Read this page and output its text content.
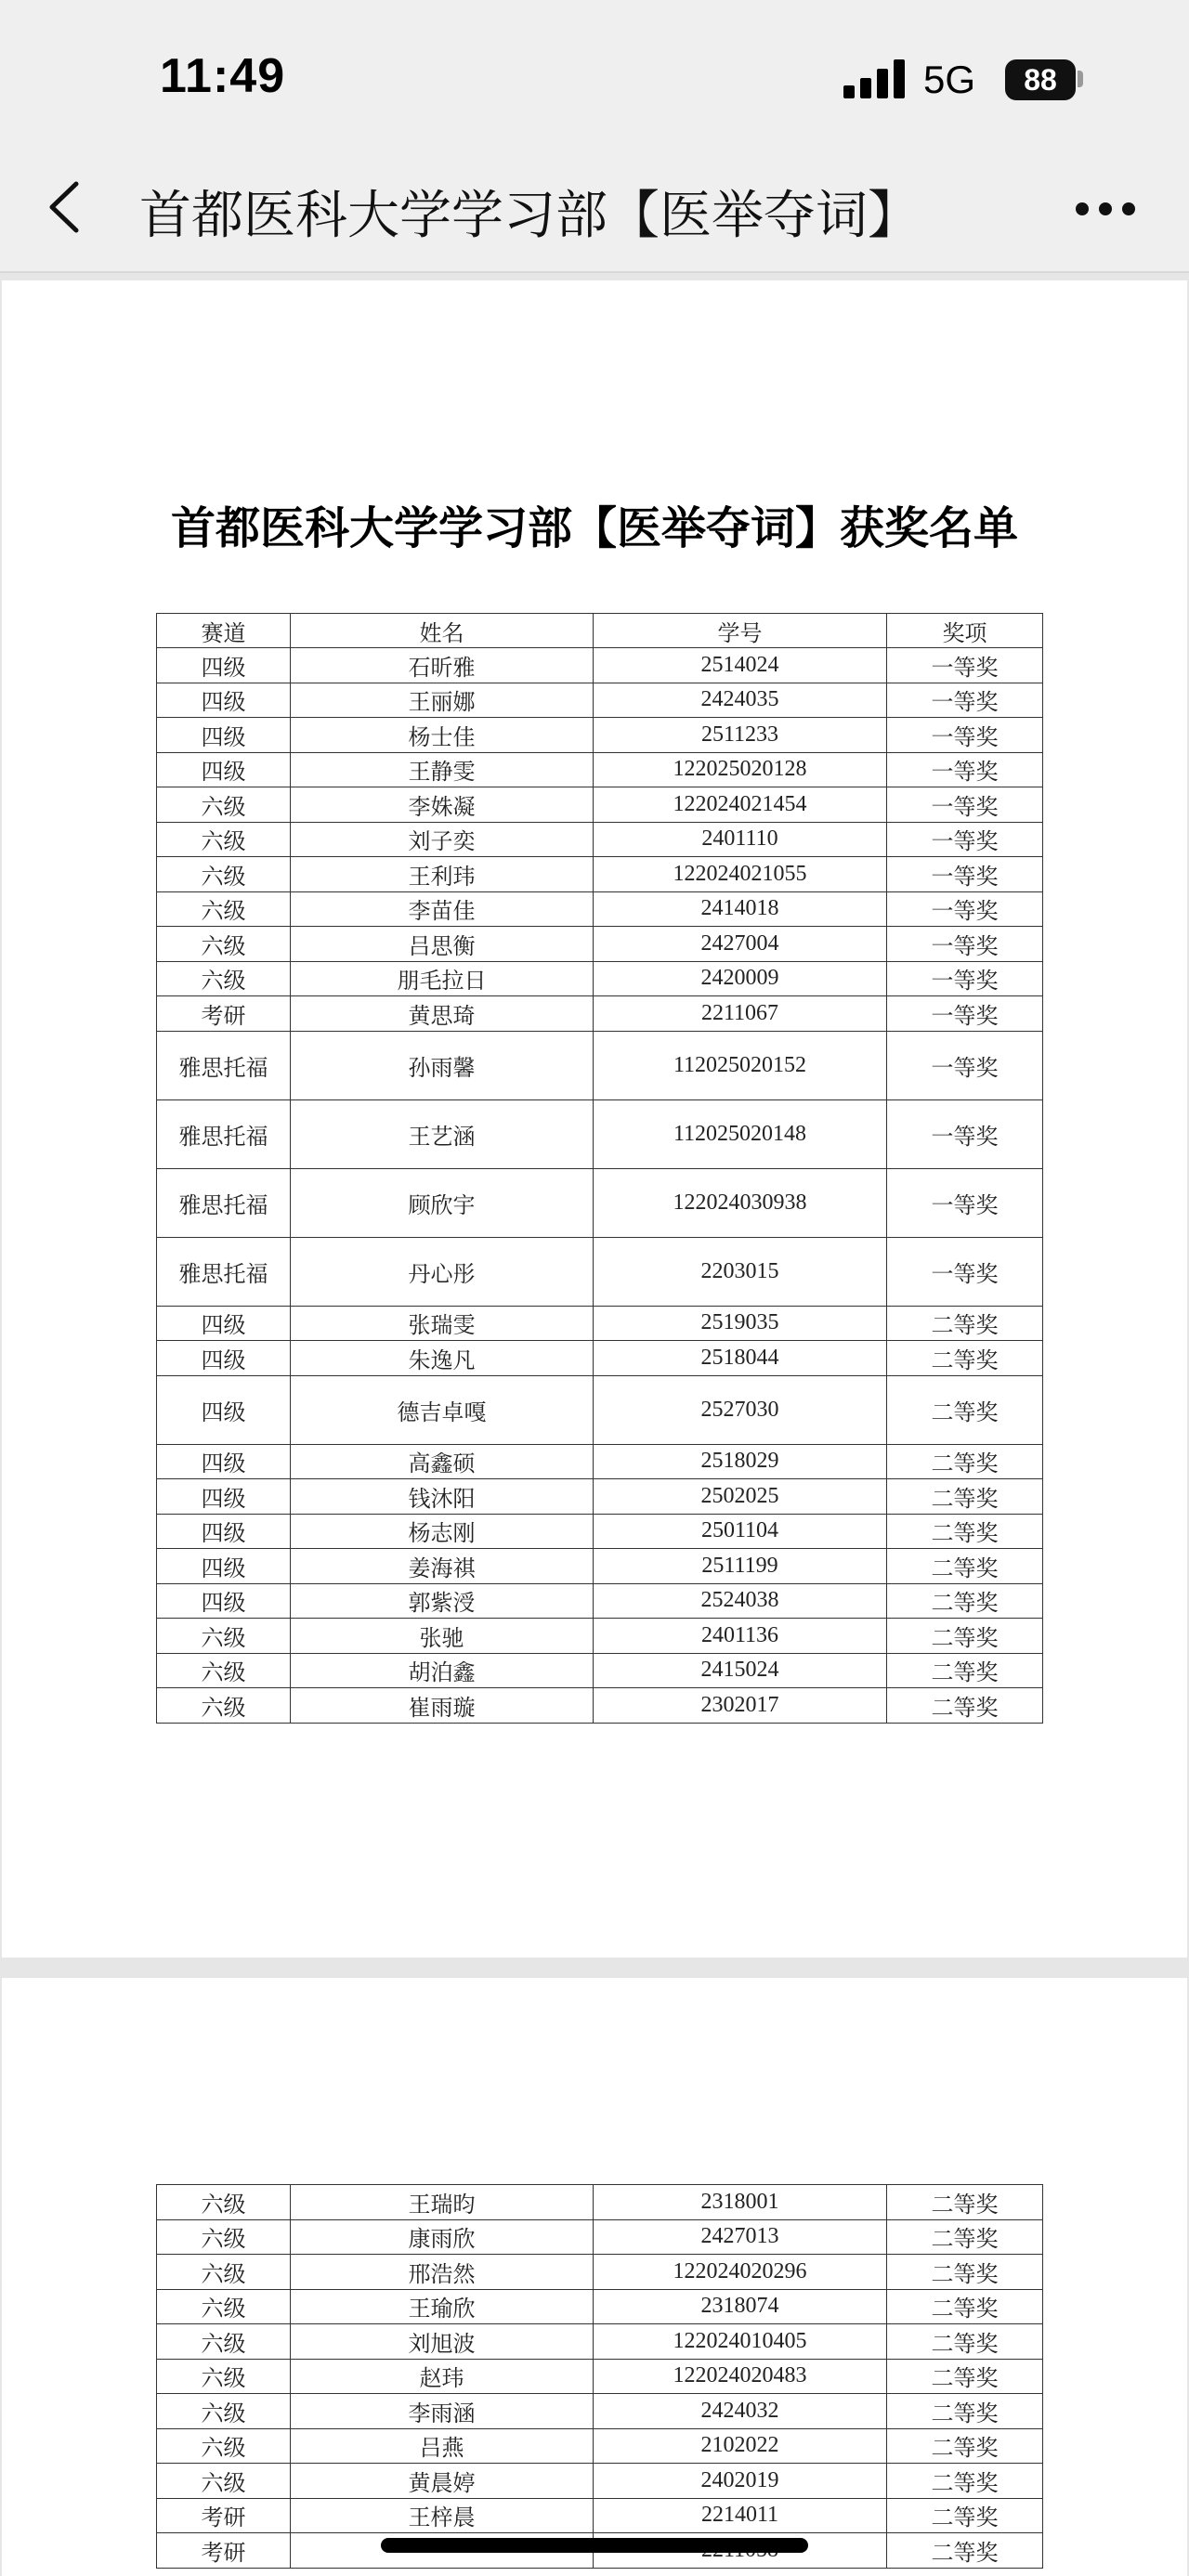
11:49	5G	88
首都医科大学学习部【医举夺词】
首都医科大学学习部【医举夺词】获奖名单
赛道	姓名	学号	奖项
四级	石昕雅	2514024	一等奖
四级	王丽娜	2424035	一等奖
四级	杨士佳	2511233	一等奖
四级	王静雯	122025020128	一等奖
六级	李姝凝	122024021454	一等奖
六级	刘子奕	2401110	一等奖
六级	王利玮	122024021055	一等奖
六级	李苗佳	2414018	一等奖
六级	吕思衡	2427004	一等奖
六级	朋毛拉日	2420009	一等奖
考研	黄思琦	2211067	一等奖
雅思托福	孙雨馨	112025020152	一等奖
雅思托福	王艺涵	112025020148	一等奖
雅思托福	顾欣宇	122024030938	一等奖
雅思托福	丹心彤	2203015	一等奖
四级	张瑞雯	2519035	二等奖
四级	朱逸凡	2518044	二等奖
四级	德吉卓嘎	2527030	二等奖
四级	高鑫硕	2518029	二等奖
四级	钱沐阳	2502025	二等奖
四级	杨志刚	2501104	二等奖
四级	姜海祺	2511199	二等奖
四级	郭紫涭	2524038	二等奖
六级	张驰	2401136	二等奖
六级	胡泊鑫	2415024	二等奖
六级	崔雨璇	2302017	二等奖
六级	王瑞昀	2318001	二等奖
六级	康雨欣	2427013	二等奖
六级	邢浩然	122024020296	二等奖
六级	王瑜欣	2318074	二等奖
六级	刘旭波	122024010405	二等奖
六级	赵玮	122024020483	二等奖
六级	李雨涵	2424032	二等奖
六级	吕燕	2102022	二等奖
六级	黄晨婷	2402019	二等奖
考研	王梓晨	2214011	二等奖
考研			二等奖
